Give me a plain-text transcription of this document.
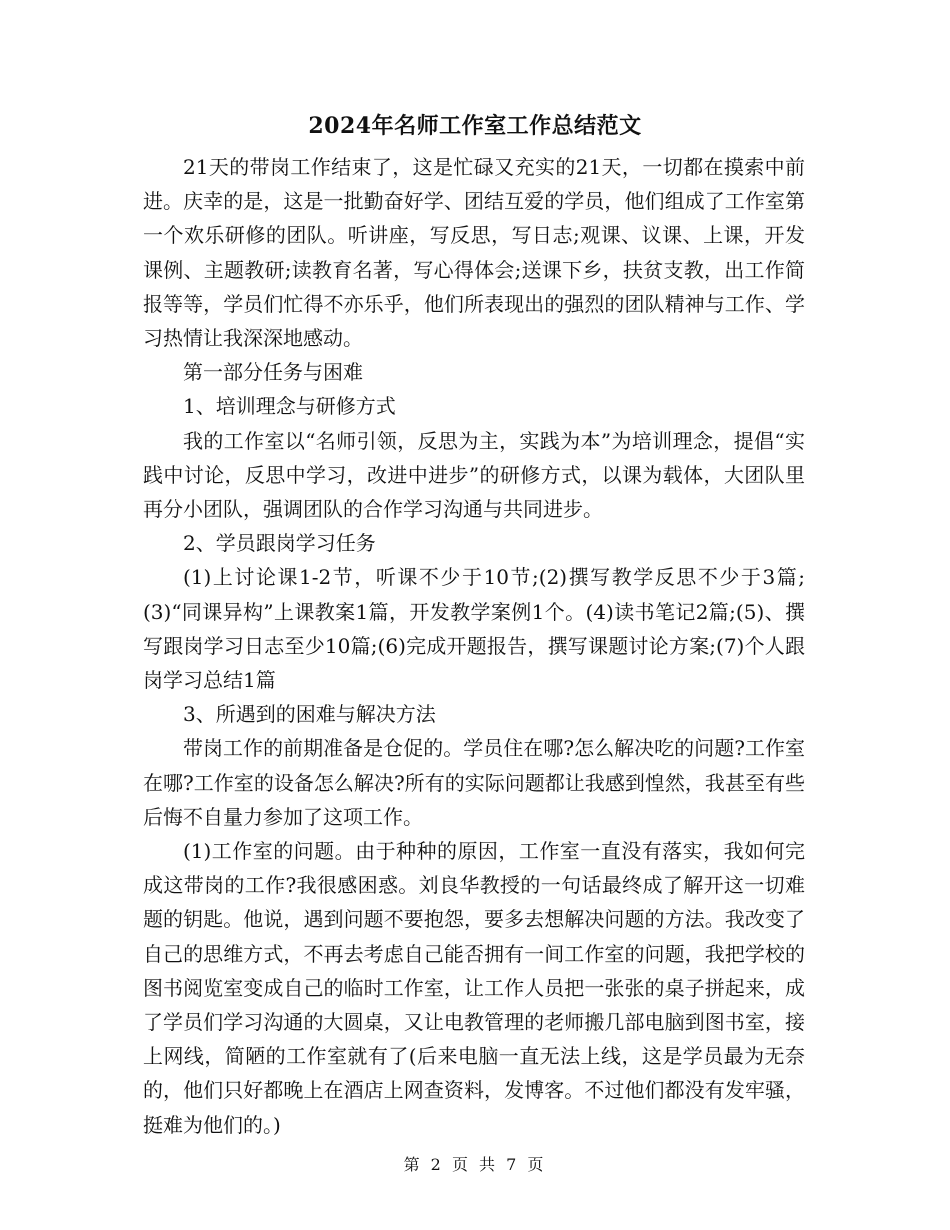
2024年名师工作室工作总结范文

21天的带岗工作结束了，这是忙碌又充实的21天，一切都在摸索中前进。庆幸的是，这是一批勤奋好学、团结互爱的学员，他们组成了工作室第一个欢乐研修的团队。听讲座，写反思，写日志;观课、议课、上课，开发课例、主题教研;读教育名著，写心得体会;送课下乡，扶贫支教，出工作简报等等，学员们忙得不亦乐乎，他们所表现出的强烈的团队精神与工作、学习热情让我深深地感动。

第一部分任务与困难

1、培训理念与研修方式

我的工作室以“名师引领，反思为主，实践为本”为培训理念，提倡“实践中讨论，反思中学习，改进中进步”的研修方式，以课为载体，大团队里再分小团队，强调团队的合作学习沟通与共同进步。

2、学员跟岗学习任务

(1)上讨论课1-2节，听课不少于10节;(2)撰写教学反思不少于3篇;(3)“同课异构”上课教案1篇，开发教学案例1个。(4)读书笔记2篇;(5)、撰写跟岗学习日志至少10篇;(6)完成开题报告，撰写课题讨论方案;(7)个人跟岗学习总结1篇

3、所遇到的困难与解决方法

带岗工作的前期准备是仓促的。学员住在哪?怎么解决吃的问题?工作室在哪?工作室的设备怎么解决?所有的实际问题都让我感到惶然，我甚至有些后悔不自量力参加了这项工作。

(1)工作室的问题。由于种种的原因，工作室一直没有落实，我如何完成这带岗的工作?我很感困惑。刘良华教授的一句话最终成了解开这一切难题的钥匙。他说，遇到问题不要抱怨，要多去想解决问题的方法。我改变了自己的思维方式，不再去考虑自己能否拥有一间工作室的问题，我把学校的图书阅览室变成自己的临时工作室，让工作人员把一张张的桌子拼起来，成了学员们学习沟通的大圆桌，又让电教管理的老师搬几部电脑到图书室，接上网线，简陋的工作室就有了(后来电脑一直无法上线，这是学员最为无奈的，他们只好都晚上在酒店上网查资料，发博客。不过他们都没有发牢骚，挺难为他们的。)

第 2 页 共 7 页
